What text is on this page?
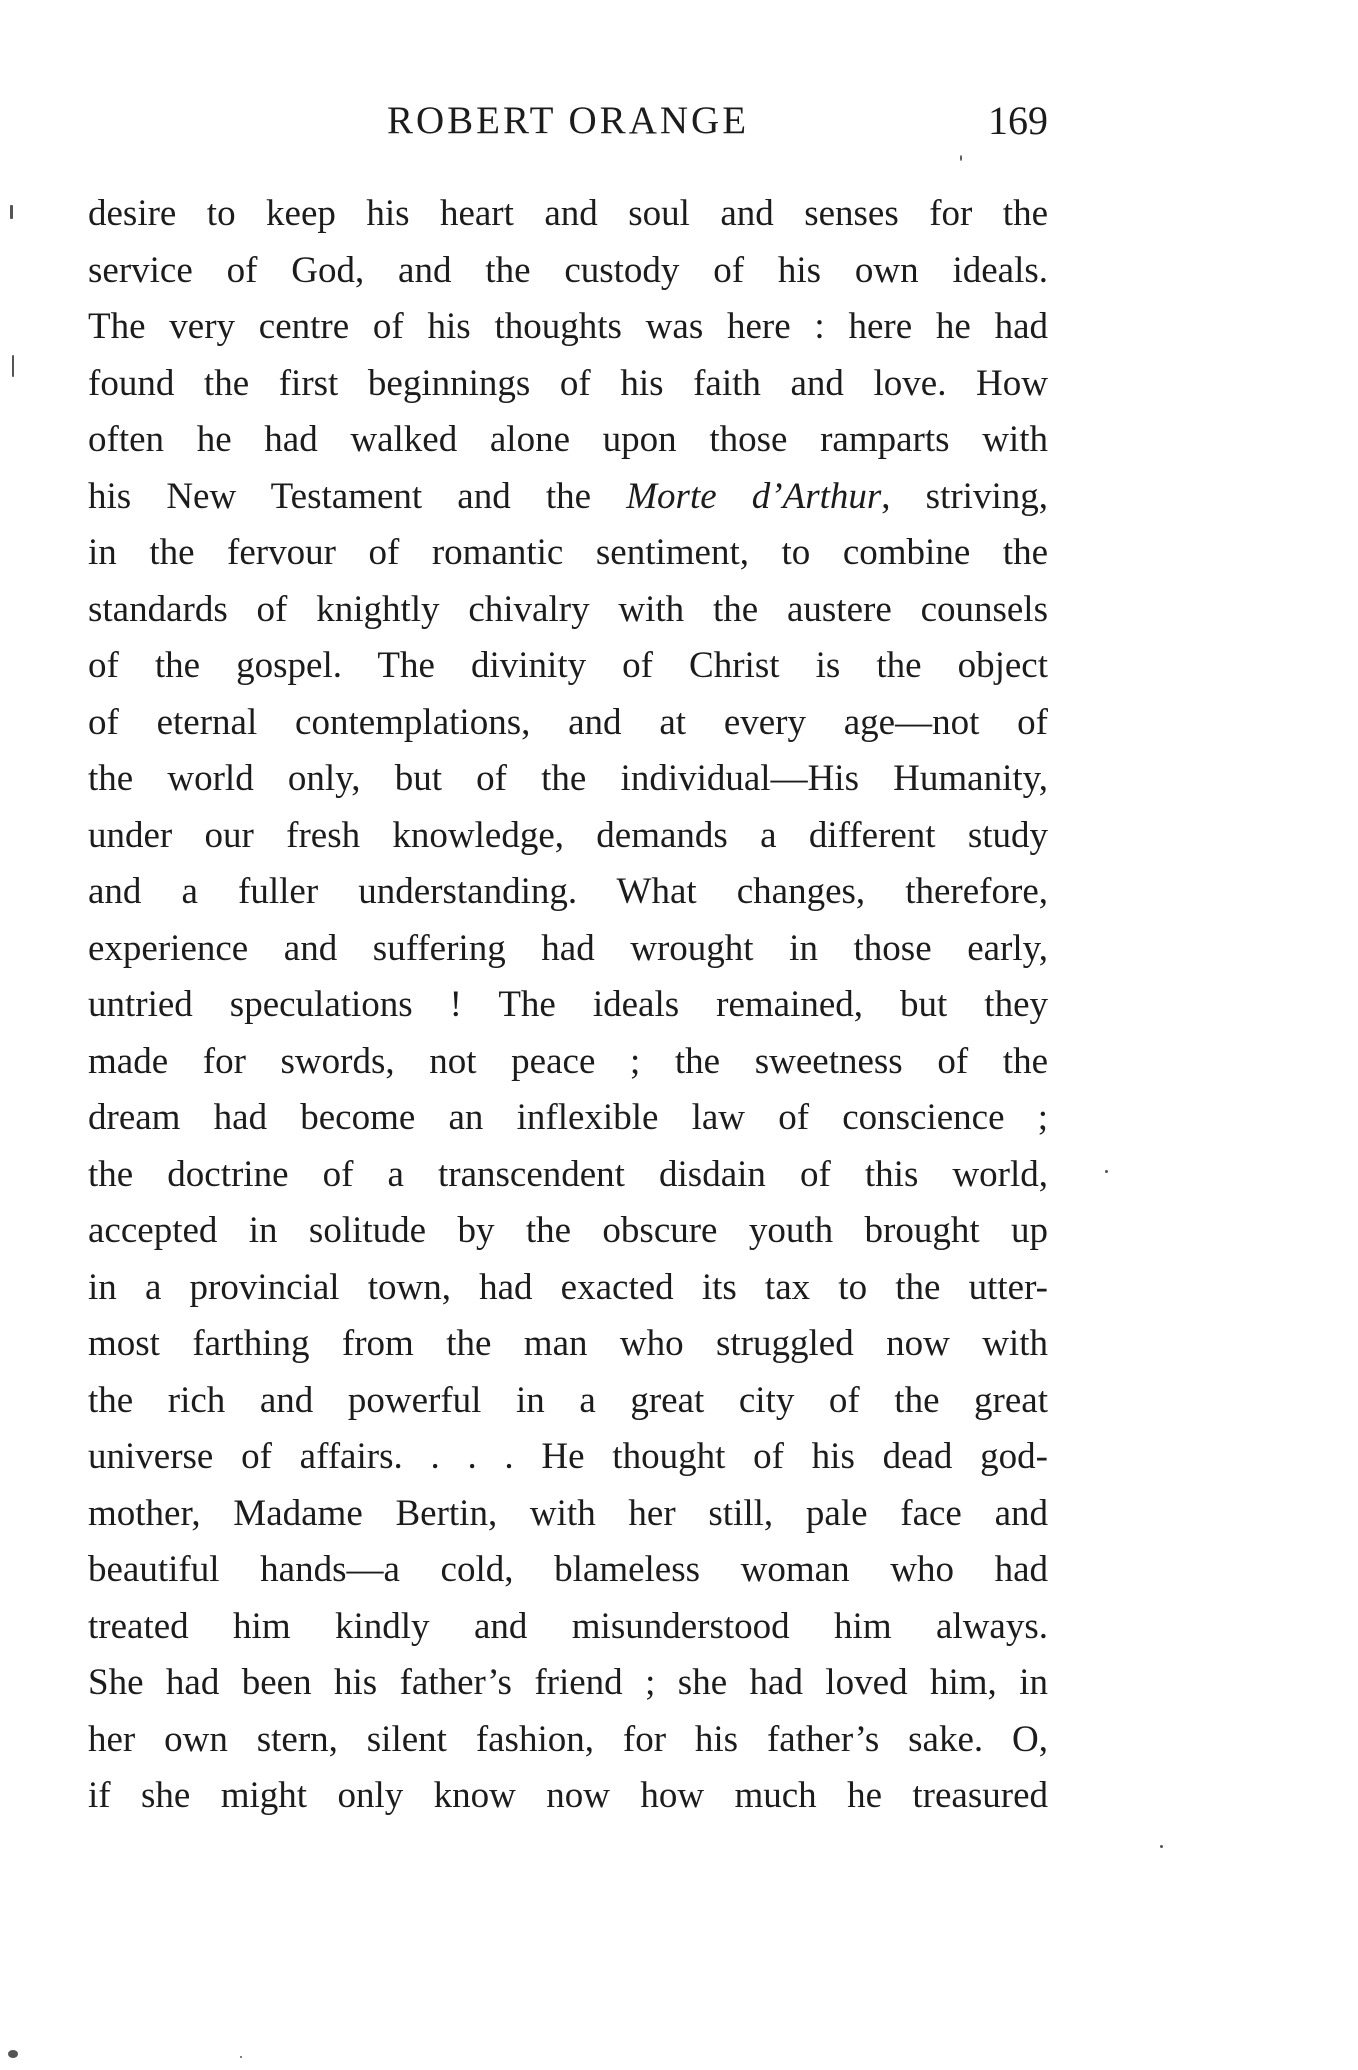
ROBERT ORANGE	169
desire to keep his heart and soul and senses for the
service of God, and the custody of his own ideals.
The very centre of his thoughts was here : here he had
found the first beginnings of his faith and love. How
often he had walked alone upon those ramparts with
his New Testament and the Morte d’Arthur, striving,
in the fervour of romantic sentiment, to combine the
standards of knightly chivalry with the austere counsels
of the gospel. The divinity of Christ is the object
of eternal contemplations, and at every age—not of
the world only, but of the individual—His Humanity,
under our fresh knowledge, demands a different study
and a fuller understanding. What changes, therefore,
experience and suffering had wrought in those early,
untried speculations ! The ideals remained, but they
made for swords, not peace ; the sweetness of the
dream had become an inflexible law of conscience ;
the doctrine of a transcendent disdain of this world,
accepted in solitude by the obscure youth brought up
in a provincial town, had exacted its tax to the utter-
most farthing from the man who struggled now with
the rich and powerful in a great city of the great
universe of affairs. . . . He thought of his dead god-
mother, Madame Bertin, with her still, pale face and
beautiful hands—a cold, blameless woman who had
treated him kindly and misunderstood him always.
She had been his father’s friend ; she had loved him, in
her own stern, silent fashion, for his father’s sake. O,
if she might only know now how much he treasured
